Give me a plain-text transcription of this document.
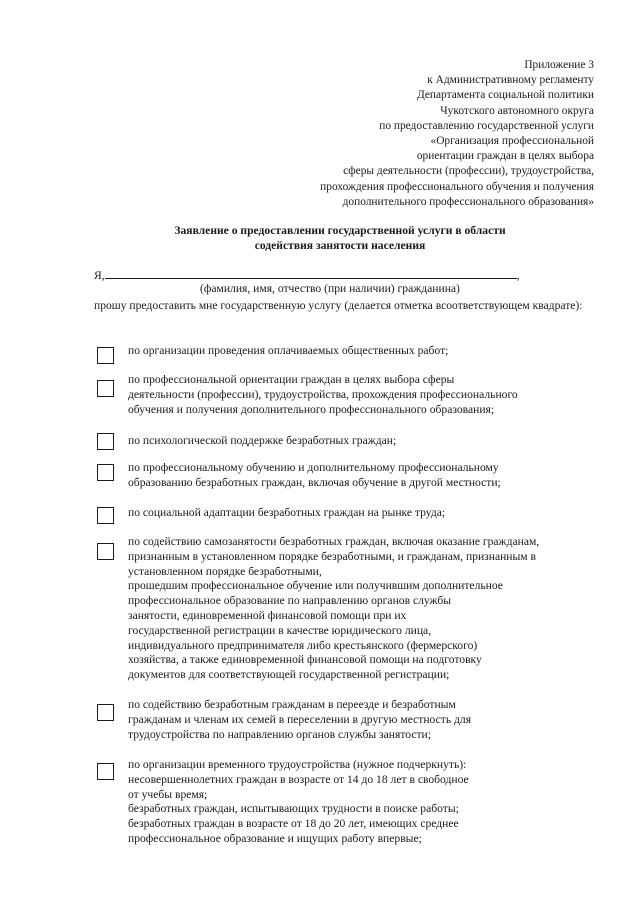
Приложение 3
к Административному регламенту
Департамента социальной политики
Чукотского автономного округа
по предоставлению государственной услуги
«Организация профессиональной
ориентации граждан в целях выбора
сферы деятельности (профессии), трудоустройства,
прохождения профессионального обучения и получения
дополнительного профессионального образования»
Заявление о предоставлении государственной услуги в области
содействия занятости населения
Я,	,
(фамилия, имя, отчество (при наличии) гражданина)
прошу предоставить мне государственную услугу (делается отметка всоответствующем квадрате):
по организации проведения оплачиваемых общественных работ;
по профессиональной ориентации граждан в целях выбора сферы
деятельности (профессии), трудоустройства, прохождения профессионального
обучения и получения дополнительного профессионального образования;
по психологической поддержке безработных граждан;
по профессиональному обучению и дополнительному профессиональному
образованию безработных граждан, включая обучение в другой местности;
по социальной адаптации безработных граждан на рынке труда;
по содействию самозанятости безработных граждан, включая оказание гражданам,
признанным в установленном порядке безработными, и гражданам, признанным в
установленном порядке безработными,
прошедшим профессиональное обучение или получившим дополнительное
профессиональное образование по направлению органов службы
занятости, единовременной финансовой помощи при их
государственной регистрации в качестве юридического лица,
индивидуального предпринимателя либо крестьянского (фермерского)
хозяйства, а также единовременной финансовой помощи на подготовку
документов для соответствующей государственной регистрации;
по содействию безработным гражданам в переезде и безработным
гражданам и членам их семей в переселении в другую местность для
трудоустройства по направлению органов службы занятости;
по организации временного трудоустройства (нужное подчеркнуть):
несовершеннолетних граждан в возрасте от 14 до 18 лет в свободное
от учебы время;
безработных граждан, испытывающих трудности в поиске работы;
безработных граждан в возрасте от 18 до 20 лет, имеющих среднее
профессиональное образование и ищущих работу впервые;
